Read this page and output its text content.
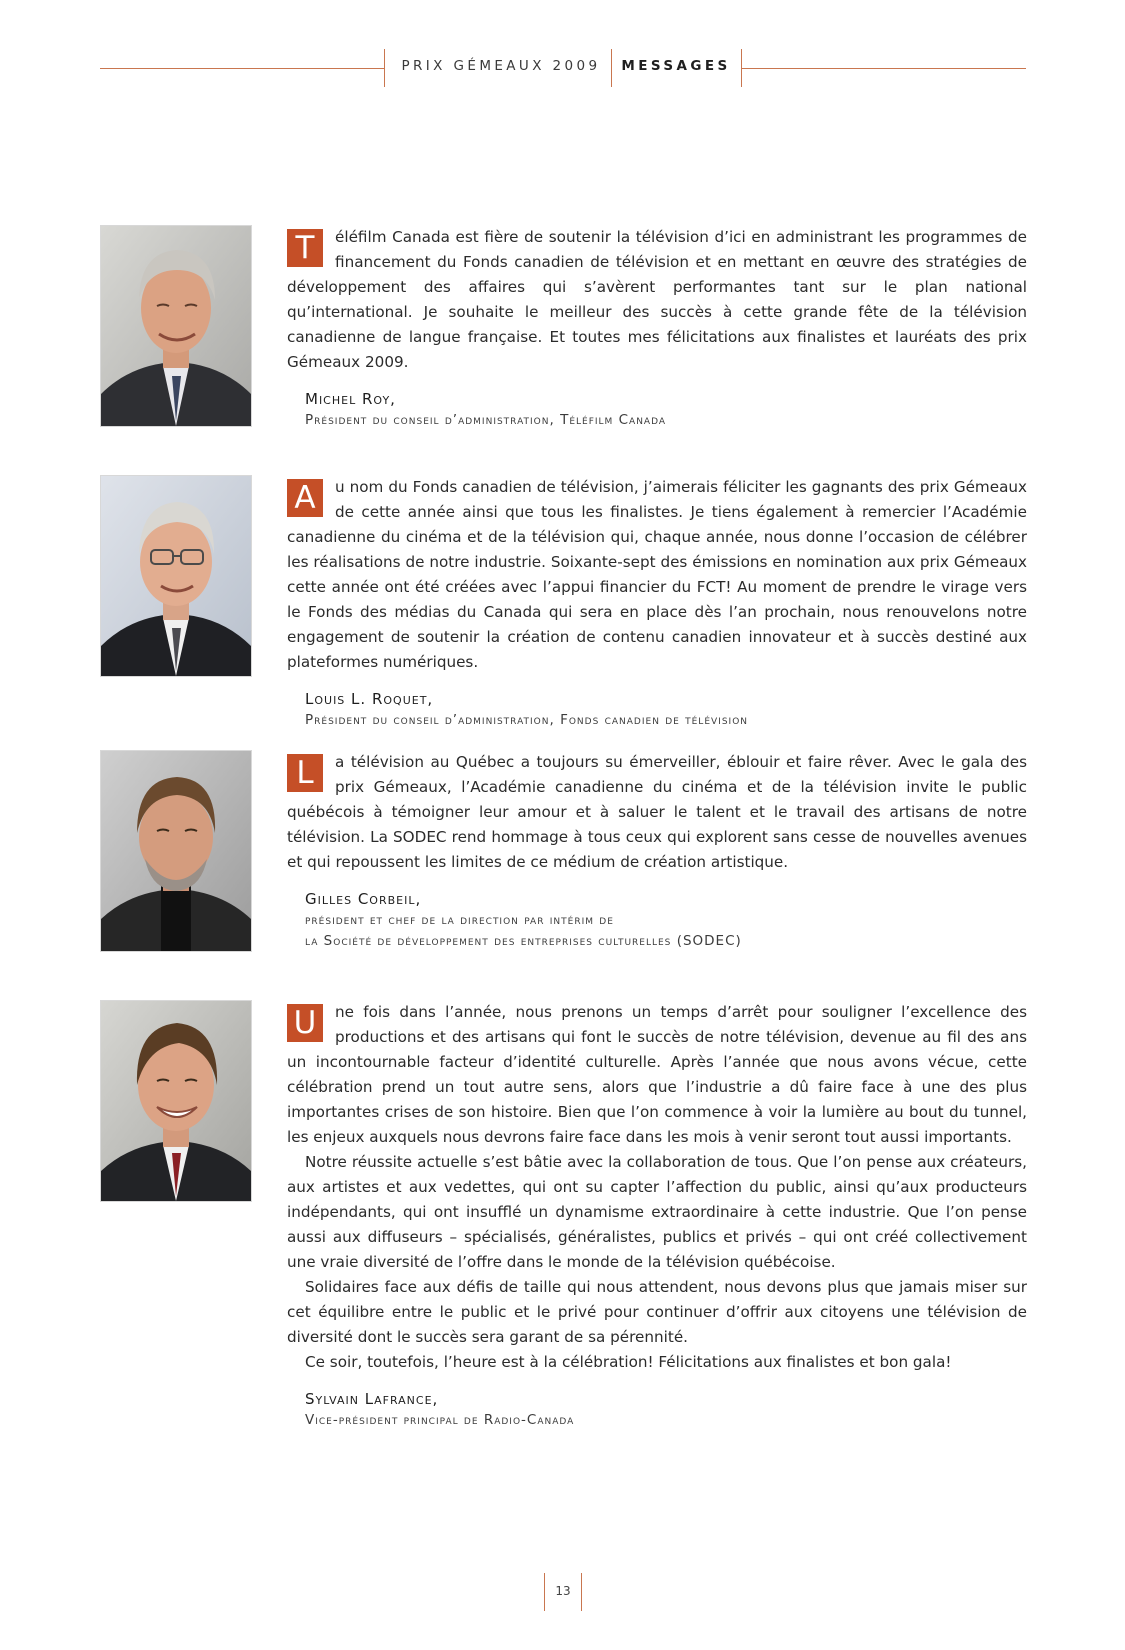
PRIX GÉMEAUX 2009 MESSAGES
T	éléfilm Canada est fière de soutenir la télévision d’ici en administrant les programmes de financement du Fonds canadien de télévision et en mettant en œuvre des stratégies de développement des affaires qui s’avèrent performantes tant sur le plan national qu’international. Je souhaite le meilleur des succès à cette grande fête de la télévision canadienne de langue française. Et toutes mes félicitations aux finalistes et lauréats des prix Gémeaux 2009.

Michel Roy,
Président du conseil d’administration, Téléfilm Canada
A	u nom du Fonds canadien de télévision, j’aimerais féliciter les gagnants des prix Gémeaux de cette année ainsi que tous les finalistes. Je tiens également à remercier l’Académie canadienne du cinéma et de la télévision qui, chaque année, nous donne l’occasion de célébrer les réalisations de notre industrie. Soixante-sept des émissions en nomination aux prix Gémeaux cette année ont été créées avec l’appui financier du FCT! Au moment de prendre le virage vers le Fonds des médias du Canada qui sera en place dès l’an prochain, nous renouvelons notre engagement de soutenir la création de contenu canadien innovateur et à succès destiné aux plateformes numériques.

Louis L. Roquet,
Président du conseil d’administration, Fonds canadien de télévision
L	a télévision au Québec a toujours su émerveiller, éblouir et faire rêver. Avec le gala des prix Gémeaux, l’Académie canadienne du cinéma et de la télévision invite le public québécois à témoigner leur amour et à saluer le talent et le travail des artisans de notre télévision. La SODEC rend hommage à tous ceux qui explorent sans cesse de nouvelles avenues et qui repoussent les limites de ce médium de création artistique.

Gilles Corbeil,
président et chef de la direction par intérim de
la Société de développement des entreprises culturelles (SODEC)
U	ne fois dans l’année, nous prenons un temps d’arrêt pour souligner l’excellence des productions et des artisans qui font le succès de notre télévision, devenue au fil des ans un incontournable facteur d’identité culturelle. Après l’année que nous avons vécue, cette célébration prend un tout autre sens, alors que l’industrie a dû faire face à une des plus importantes crises de son histoire. Bien que l’on commence à voir la lumière au bout du tunnel, les enjeux auxquels nous devrons faire face dans les mois à venir seront tout aussi importants.

Notre réussite actuelle s’est bâtie avec la collaboration de tous. Que l’on pense aux créateurs, aux artistes et aux vedettes, qui ont su capter l’affection du public, ainsi qu’aux producteurs indépendants, qui ont insufflé un dynamisme extraordinaire à cette industrie. Que l’on pense aussi aux diffuseurs – spécialisés, généralistes, publics et privés – qui ont créé collectivement une vraie diversité de l’offre dans le monde de la télévision québécoise.

Solidaires face aux défis de taille qui nous attendent, nous devons plus que jamais miser sur cet équilibre entre le public et le privé pour continuer d’offrir aux citoyens une télévision de diversité dont le succès sera garant de sa pérennité.

Ce soir, toutefois, l’heure est à la célébration! Félicitations aux finalistes et bon gala!

Sylvain Lafrance,
Vice-président principal de Radio-Canada
13
